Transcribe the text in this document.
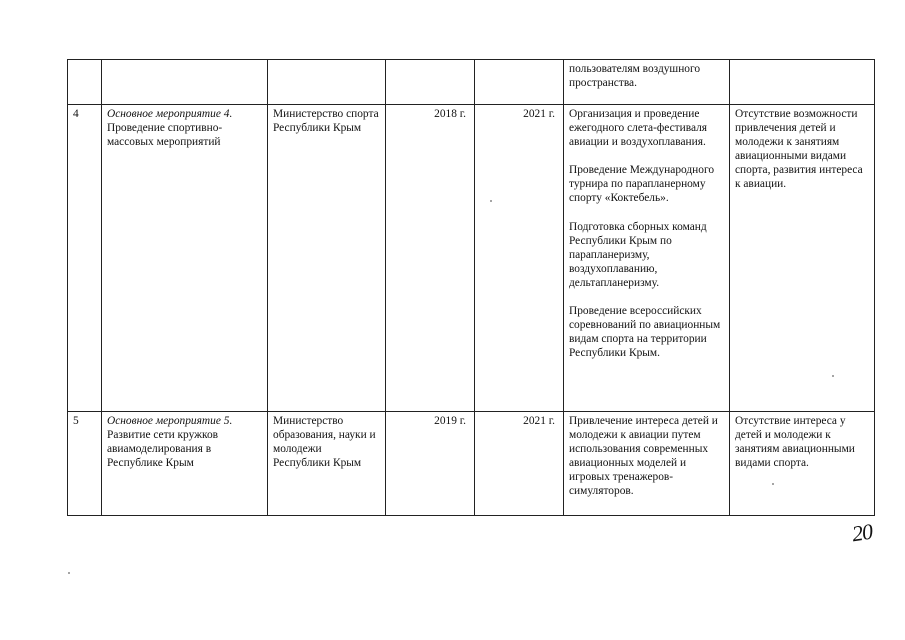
					пользователям воздушного пространства.	

4	Основное мероприятие 4.
Проведение спортивно-массовых мероприятий	Министерство спорта Республики Крым	2018 г.	2021 г.	Организация и проведение ежегодного слета-фестиваля авиации и воздухоплавания.
Проведение Международного турнира по парапланерному спорту «Коктебель».
Подготовка сборных команд Республики Крым по парапланеризму, воздухоплаванию, дельтапланеризму.
Проведение всероссийских соревнований по авиационным видам спорта на территории Республики Крым.	Отсутствие возможности привлечения детей и молодежи к занятиям авиационными видами спорта, развития интереса к авиации.
5	Основное мероприятие 5.
Развитие сети кружков авиамоделирования в Республике Крым	Министерство образования, науки и молодежи Республики Крым	2019 г.	2021 г.	Привлечение интереса детей и молодежи к авиации путем использования современных авиационных моделей и игровых тренажеров-симуляторов.	Отсутствие интереса у детей и молодежи к занятиям авиационными видами спорта.
20
